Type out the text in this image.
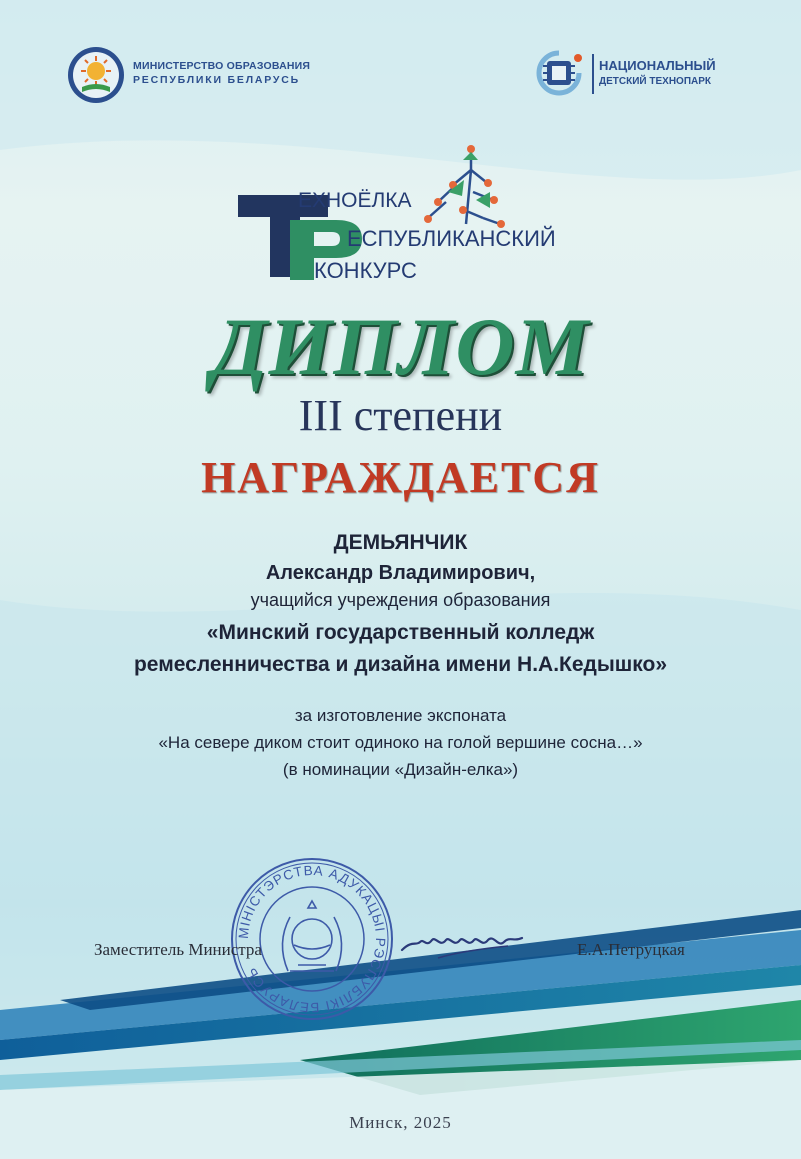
МИНИСТЕРСТВО ОБРАЗОВАНИЯ
РЕСПУБЛИКИ БЕЛАРУСЬ
НАЦИОНАЛЬНЫЙ
ДЕТСКИЙ ТЕХНОПАРК
ЕХНОЁЛКА
ЕСПУБЛИКАНСКИЙ
КОНКУРС
ДИПЛОМ
III степени
НАГРАЖДАЕТСЯ
ДЕМЬЯНЧИК
Александр Владимирович,
учащийся учреждения образования
«Минский государственный колледж
ремесленничества и дизайна имени Н.А.Кедышко»
за изготовление экспоната
«На севере диком стоит одиноко на голой вершине сосна…»
(в номинации «Дизайн-елка»)
МІНІСТЭРСТВА АДУКАЦЫІ РЭСПУБЛІКІ БЕЛАРУСЬ
Заместитель Министра	Е.А.Петруцкая
Минск, 2025
